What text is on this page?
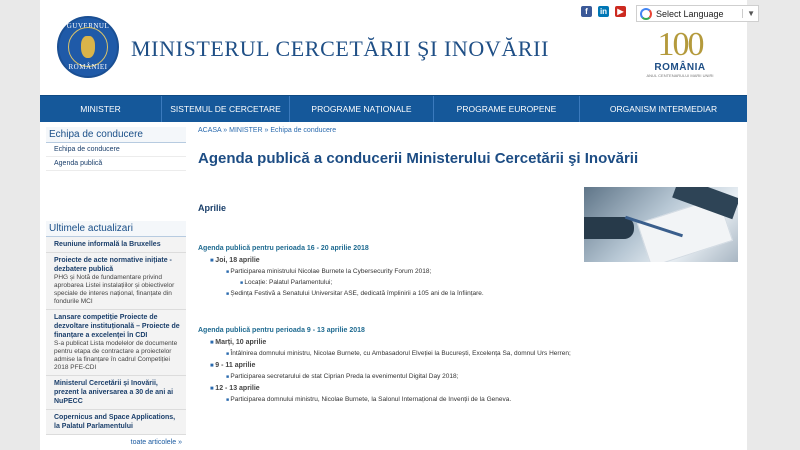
GUVERNUL
ROMÂNIEI
MINISTERUL CERCETĂRII ŞI INOVĂRII
f	in	▶	Select Language	▼
100
ROMÂNIA
ANUL CENTENARULUI MARII UNIRI
MINISTER	SISTEMUL DE CERCETARE	PROGRAME NAȚIONALE	PROGRAME EUROPENE	ORGANISM INTERMEDIAR
Echipa de conducere
Echipa de conducere
Agenda publică
Ultimele actualizari
Reuniune informală la Bruxelles
Proiecte de acte normative inițiate - dezbatere publică
PHG și Notă de fundamentare privind aprobarea Listei instalațiilor și obiectivelor speciale de interes național, finanțate din fondurile MCI
Lansare competiție Proiecte de dezvoltare instituțională – Proiecte de finanțare a excelenței în CDI
S-a publicat Lista modelelor de documente pentru etapa de contractare a proiectelor admise la finanțare în cadrul Competiției 2018 PFE-CDI
Ministerul Cercetării și Inovării, prezent la aniversarea a 30 de ani ai NuPECC
Copernicus and Space Applications, la Palatul Parlamentului
toate articolele »
ACASA » MINISTER » Echipa de conducere
Agenda publică a conducerii Ministerului Cercetării şi Inovării
Aprilie
Agenda publică pentru perioada 16 - 20 aprilie 2018
■ Joi, 18 aprilie
■ Participarea ministrului Nicolae Burnete la Cybersecurity Forum 2018;
■ Locație: Palatul Parlamentului;
■ Ședința Festivă a Senatului Universitar ASE, dedicată împlinirii a 105 ani de la înființare.
Agenda publică pentru perioada 9 - 13 aprilie 2018
■ Marți, 10 aprilie
■ Întâlnirea domnului ministru, Nicolae Burnete, cu Ambasadorul Elveției la București, Excelența Sa, domnul Urs Herren;
■ 9 - 11 aprilie
■ Participarea secretarului de stat Ciprian Preda la evenimentul Digital Day 2018;
■ 12 - 13 aprilie
■ Participarea domnului ministru, Nicolae Burnete, la Salonul Internațional de Invenții de la Geneva.
